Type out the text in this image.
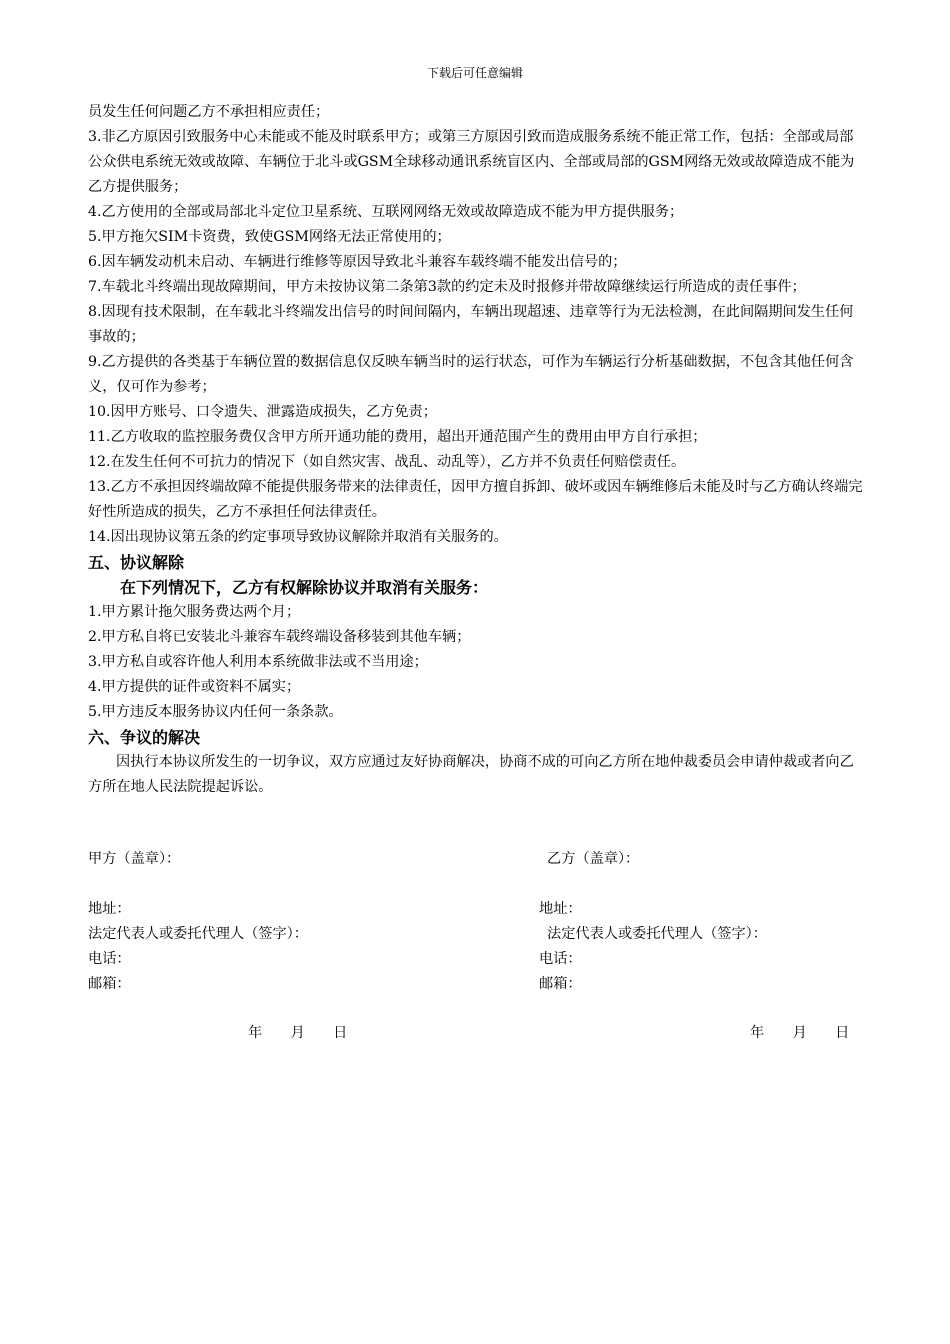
下载后可任意编辑

员发生任何问题乙方不承担相应责任；

3.非乙方原因引致服务中心未能或不能及时联系甲方；或第三方原因引致而造成服务系统不能正常工作，包括：全部或局部公众供电系统无效或故障、车辆位于北斗或GSM全球移动通讯系统盲区内、全部或局部的GSM网络无效或故障造成不能为乙方提供服务；

4.乙方使用的全部或局部北斗定位卫星系统、互联网网络无效或故障造成不能为甲方提供服务；

5.甲方拖欠SIM卡资费，致使GSM网络无法正常使用的；

6.因车辆发动机未启动、车辆进行维修等原因导致北斗兼容车载终端不能发出信号的；

7.车载北斗终端出现故障期间，甲方未按协议第二条第3款的约定未及时报修并带故障继续运行所造成的责任事件；

8.因现有技术限制，在车载北斗终端发出信号的时间间隔内，车辆出现超速、违章等行为无法检测，在此间隔期间发生任何事故的；

9.乙方提供的各类基于车辆位置的数据信息仅反映车辆当时的运行状态，可作为车辆运行分析基础数据，不包含其他任何含义，仅可作为参考；

10.因甲方账号、口令遗失、泄露造成损失，乙方免责；

11.乙方收取的监控服务费仅含甲方所开通功能的费用，超出开通范围产生的费用由甲方自行承担；

12.在发生任何不可抗力的情况下（如自然灾害、战乱、动乱等），乙方并不负责任何赔偿责任。

13.乙方不承担因终端故障不能提供服务带来的法律责任，因甲方擅自拆卸、破坏或因车辆维修后未能及时与乙方确认终端完好性所造成的损失，乙方不承担任何法律责任。

14.因出现协议第五条的约定事项导致协议解除并取消有关服务的。

五、协议解除

在下列情况下，乙方有权解除协议并取消有关服务：

1.甲方累计拖欠服务费达两个月；

2.甲方私自将已安装北斗兼容车载终端设备移装到其他车辆；

3.甲方私自或容许他人利用本系统做非法或不当用途；

4.甲方提供的证件或资料不属实；

5.甲方违反本服务协议内任何一条条款。

六、争议的解决

因执行本协议所发生的一切争议，双方应通过友好协商解决，协商不成的可向乙方所在地仲裁委员会申请仲裁或者向乙方所在地人民法院提起诉讼。

甲方（盖章）：
地址：
法定代表人或委托代理人（签字）：
电话：
邮箱：
年　　月　　日
乙方（盖章）：
地址：
法定代表人或委托代理人（签字）：
电话：
邮箱：
年　　月　　日
